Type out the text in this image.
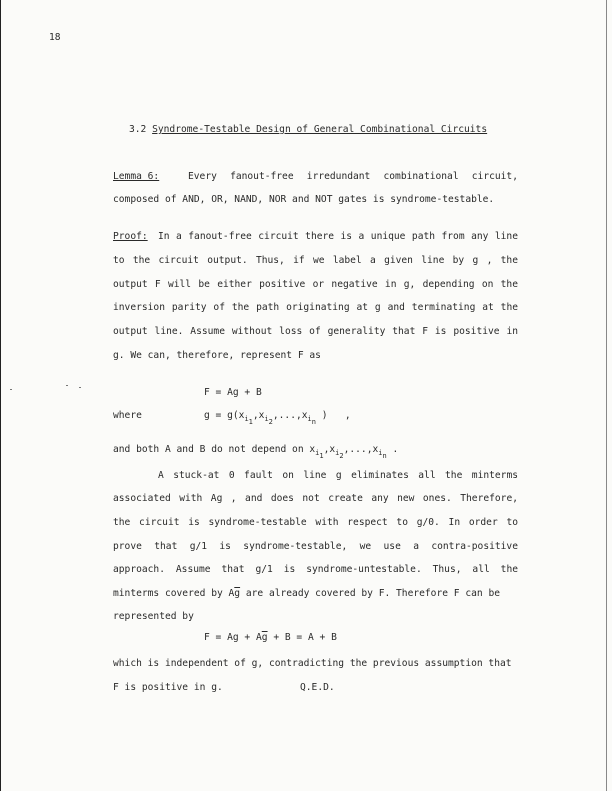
18
3.2 Syndrome-Testable Design of General Combinational Circuits
Lemma 6:	Every fanout-free irredundant combinational circuit,
composed of AND, OR, NAND, NOR and NOT gates is syndrome-testable.
Proof: In a fanout-free circuit there is a unique path from any line
to the circuit output. Thus, if we label a given line by g , the
output F will be either positive or negative in g, depending on the
inversion parity of the path originating at g and terminating at the
output line. Assume without loss of generality that F is positive in
g. We can, therefore, represent F as
F = Ag + B
where	$g = g(x_{i_1},x_{i_2},...,x_{i_n}$ )   ,
and both A and B do not depend on $x_{i_1},x_{i_2},...,x_{i_n}$ .
A stuck-at 0 fault on line g eliminates all the minterms
associated with Ag , and does not create any new ones. Therefore,
the circuit is syndrome-testable with respect to g/0. In order to
prove that g/1 is syndrome-testable, we use a contra-positive
approach. Assume that g/1 is syndrome-untestable. Thus, all the
minterms covered by $A\overline{g}$ are already covered by F. Therefore F can be
represented by
$F = Ag + A\overline{g} + B = A + B$
which is independent of g, contradicting the previous assumption that
F is positive in g.	Q.E.D.
